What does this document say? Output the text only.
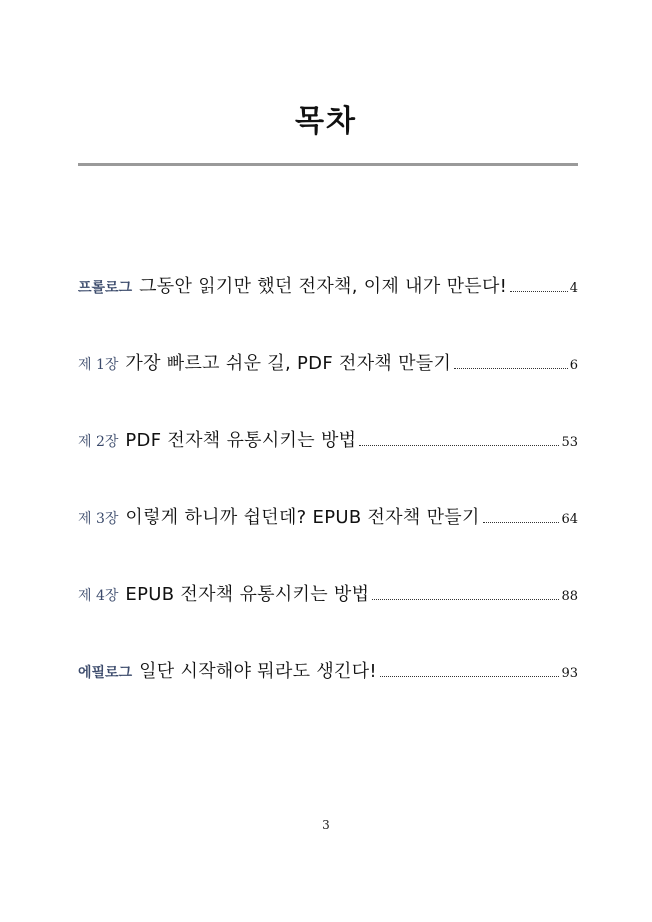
목차
프롤로그 그동안 읽기만 했던 전자책, 이제 내가 만든다!	4
제 1장 가장 빠르고 쉬운 길, PDF 전자책 만들기	6
제 2장 PDF 전자책 유통시키는 방법	53
제 3장 이렇게 하니까 쉽던데? EPUB 전자책 만들기	64
제 4장 EPUB 전자책 유통시키는 방법	88
에필로그 일단 시작해야 뭐라도 생긴다!	93
3
